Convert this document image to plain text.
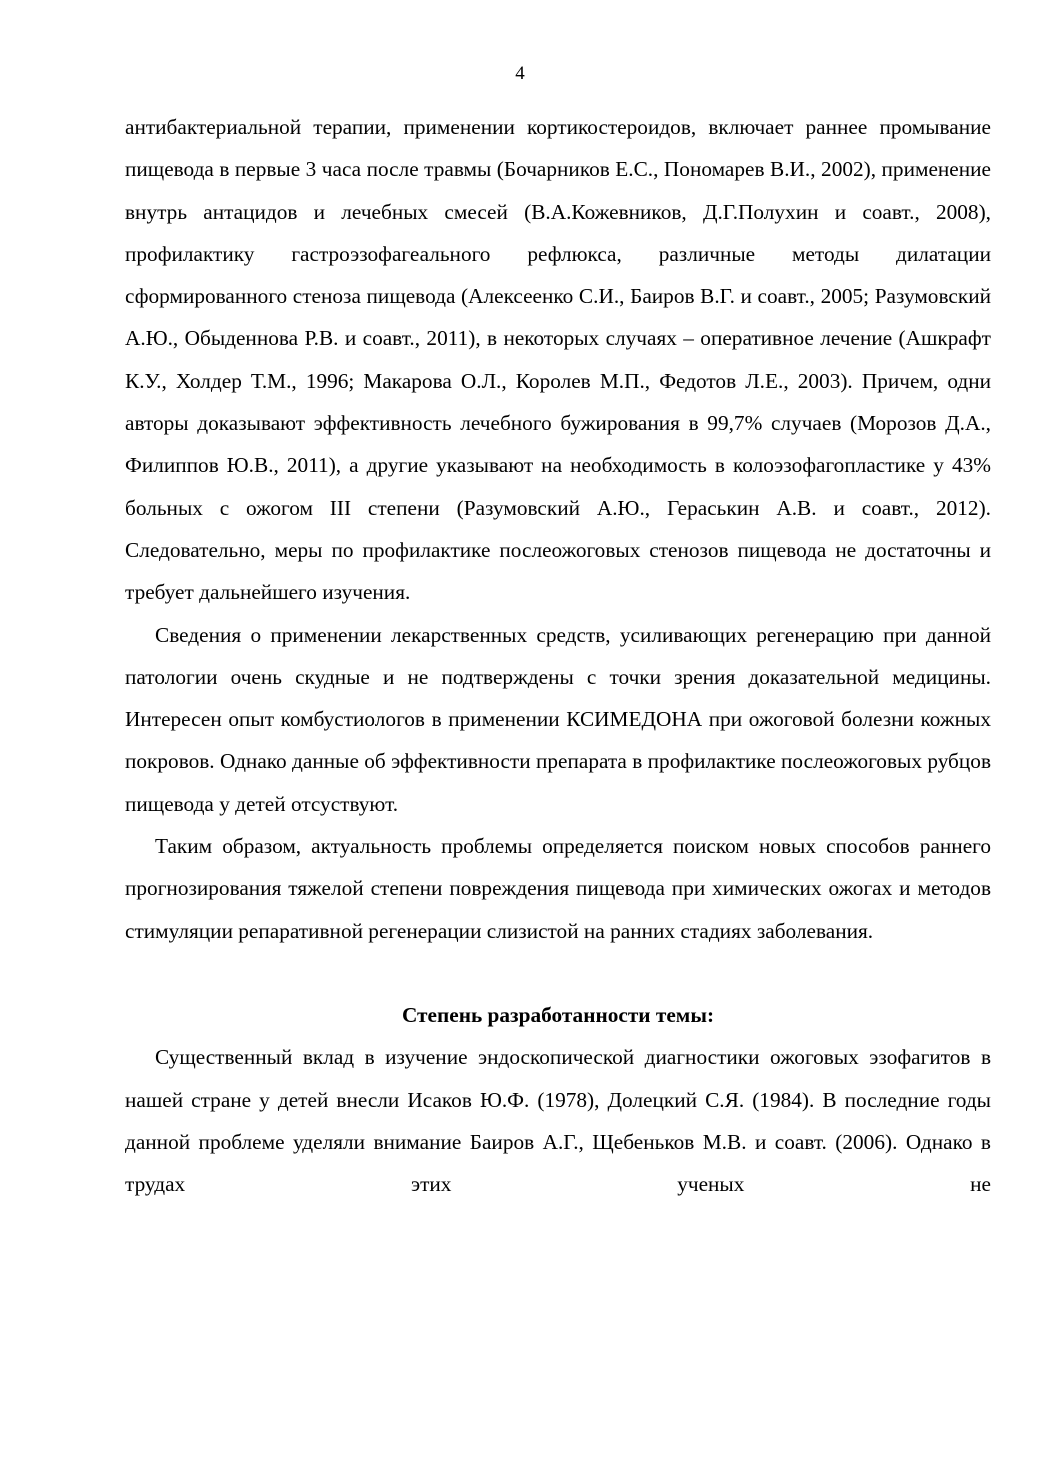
4

антибактериальной терапии, применении кортикостероидов, включает раннее промывание пищевода в первые 3 часа после травмы (Бочарников Е.С., Пономарев В.И., 2002), применение внутрь антацидов и лечебных смесей (В.А.Кожевников, Д.Г.Полухин и соавт., 2008), профилактику гастроэзофагеального рефлюкса, различные методы дилатации сформированного стеноза пищевода (Алексеенко С.И., Баиров В.Г. и соавт., 2005; Разумовский А.Ю., Обыденнова Р.В. и соавт., 2011), в некоторых случаях – оперативное лечение (Ашкрафт К.У., Холдер Т.М., 1996; Макарова О.Л., Королев М.П., Федотов Л.Е., 2003). Причем, одни авторы доказывают эффективность лечебного бужирования в 99,7% случаев (Морозов Д.А., Филиппов Ю.В., 2011), а другие указывают на необходимость в колоэзофагопластике у 43% больных с ожогом III степени (Разумовский А.Ю., Гераськин А.В. и соавт., 2012). Следовательно, меры по профилактике послеожоговых стенозов пищевода не достаточны и требует дальнейшего изучения.

Сведения о применении лекарственных средств, усиливающих регенерацию при данной патологии очень скудные и не подтверждены с точки зрения доказательной медицины. Интересен опыт комбустиологов в применении КСИМЕДОНА при ожоговой болезни кожных покровов. Однако данные об эффективности препарата в профилактике послеожоговых рубцов пищевода у детей отсуствуют.

Таким образом, актуальность проблемы определяется поиском новых способов раннего прогнозирования тяжелой степени повреждения пищевода при химических ожогах и методов стимуляции репаративной регенерации слизистой на ранних стадиях заболевания.

Степень разработанности темы:

Существенный вклад в изучение эндоскопической диагностики ожоговых эзофагитов в нашей стране у детей внесли Исаков Ю.Ф. (1978), Долецкий С.Я. (1984). В последние годы данной проблеме уделяли внимание Баиров А.Г., Щебеньков М.В. и соавт. (2006). Однако в трудах этих ученых не
